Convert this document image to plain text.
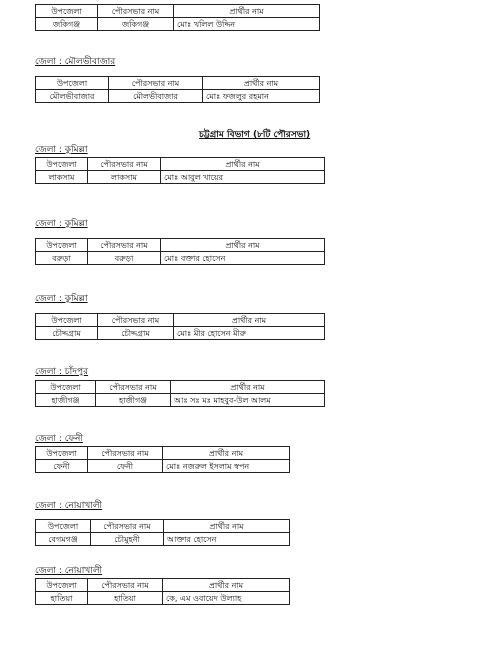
উপজেলা	পৌরসভার নাম	প্রার্থীর নাম
জকিগঞ্জ	জকিগঞ্জ	মোঃ খলিল উদ্দিন
জেলা : মৌলভীবাজার
উপজেলা	পৌরসভার নাম	প্রার্থীর নাম
মৌলভীবাজার	মৌলভীবাজার	মোঃ ফজলুর রহমান
চট্টগ্রাম বিভাগ (৮টি পৌরসভা)
জেলা : কুমিল্লা
উপজেলা	পৌরসভার নাম	প্রার্থীর নাম
লাকসাম	লাকসাম	মোঃ আবুল খায়ের
জেলা : কুমিল্লা
উপজেলা	পৌরসভার নাম	প্রার্থীর নাম
বরুড়া	বরুড়া	মোঃ বক্তার হোসেন
জেলা : কুমিল্লা
উপজেলা	পৌরসভার নাম	প্রার্থীর নাম
চৌদ্দগ্রাম	চৌদ্দগ্রাম	মোঃ মীর হোসেন মীরু
জেলা : চাঁদপুর
উপজেলা	পৌরসভার নাম	প্রার্থীর নাম
হাজীগঞ্জ	হাজীগঞ্জ	আঃ সঃ মঃ মাহবুব-উল আলম
জেলা : ফেনী
উপজেলা	পৌরসভার নাম	প্রার্থীর নাম
ফেনী	ফেনী	মোঃ নজরুল ইসলাম স্বপন
জেলা : নোয়াখালী
উপজেলা	পৌরসভার নাম	প্রার্থীর নাম
বেগমগঞ্জ	চৌমুহনী	আক্তার হোসেন
জেলা : নোয়াখালী
উপজেলা	পৌরসভার নাম	প্রার্থীর নাম
হাতিয়া	হাতিয়া	কে, এম ওবায়েদ উল্যাহ
